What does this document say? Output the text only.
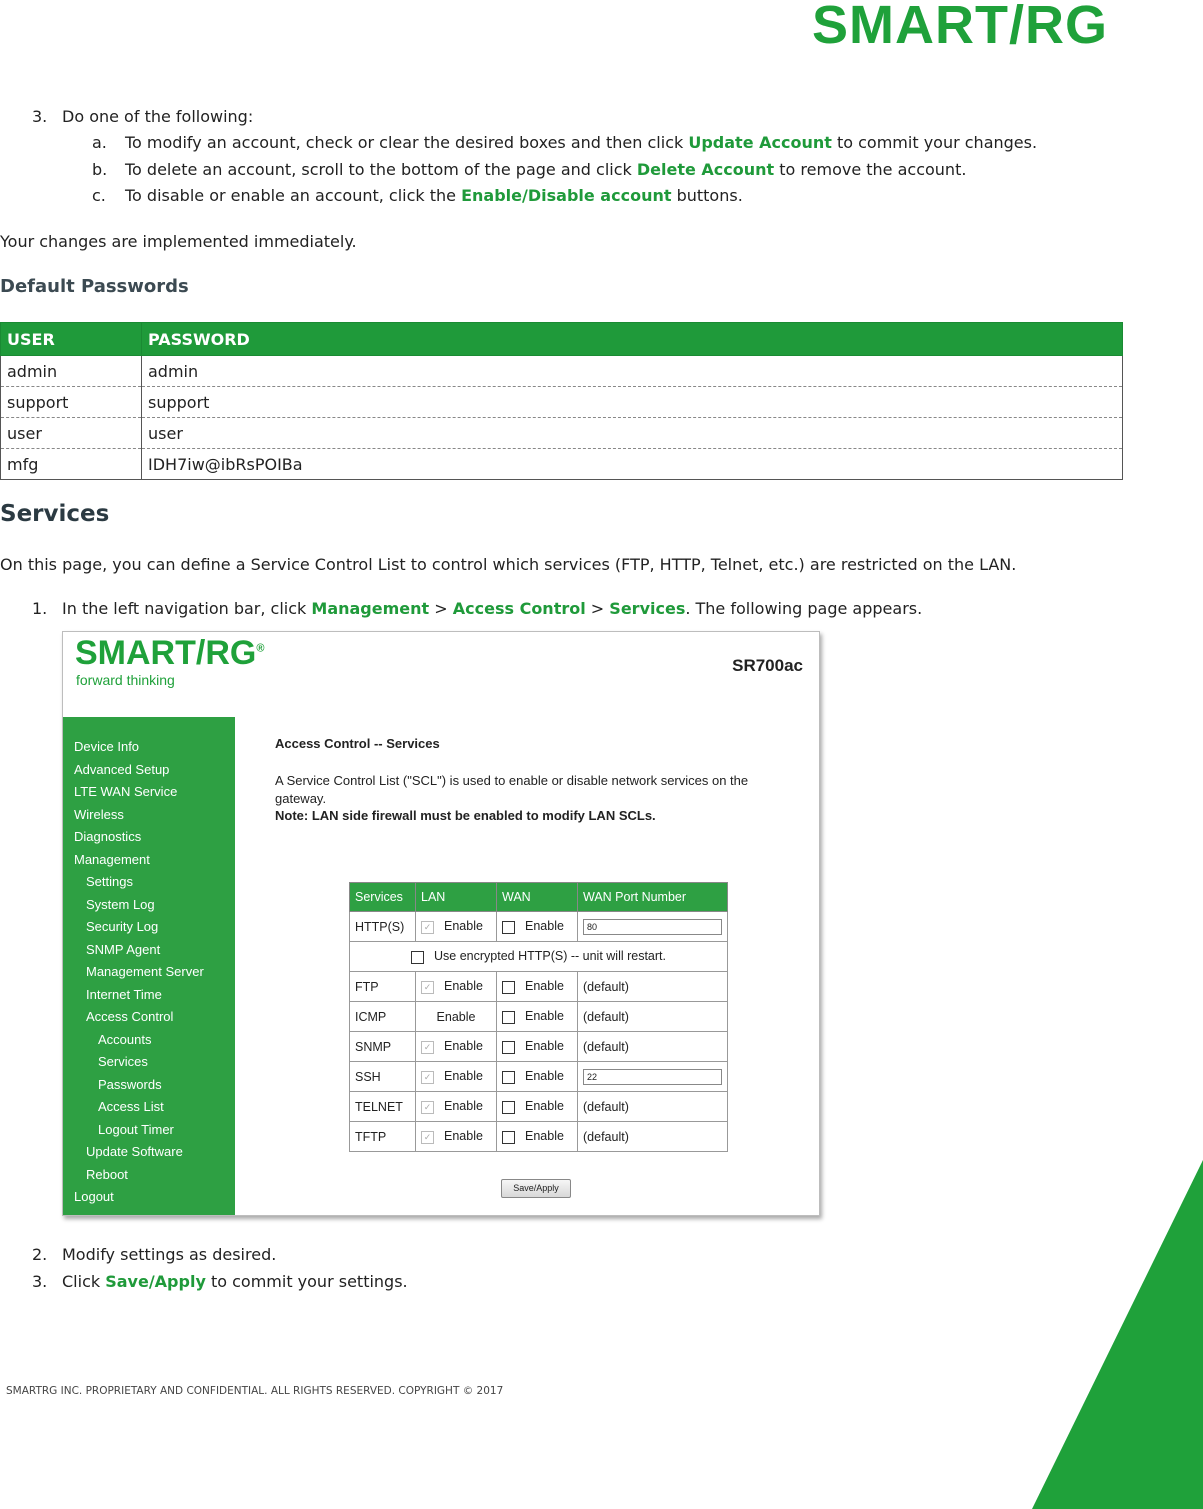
SMART/RG
3. Do one of the following:
a. To modify an account, check or clear the desired boxes and then click Update Account to commit your changes.
b. To delete an account, scroll to the bottom of the page and click Delete Account to remove the account.
c. To disable or enable an account, click the Enable/Disable account buttons.
Your changes are implemented immediately.
Default Passwords
USER	PASSWORD
admin	admin
support	support
user	user
mfg	IDH7iw@ibRsPOIBa
Services
On this page, you can define a Service Control List to control which services (FTP, HTTP, Telnet, etc.) are restricted on the LAN.
1. In the left navigation bar, click Management > Access Control > Services. The following page appears.
SMART/RG®
forward thinking
SR700ac
Device Info
Advanced Setup
LTE WAN Service
Wireless
Diagnostics
Management
Settings
System Log
Security Log
SNMP Agent
Management Server
Internet Time
Access Control
Accounts
Services
Passwords
Access List
Logout Timer
Update Software
Reboot
Logout
Access Control -- Services
A Service Control List ("SCL") is used to enable or disable network services on the gateway.
Note: LAN side firewall must be enabled to modify LAN SCLs.
Services	LAN	WAN	WAN Port Number
HTTP(S)	✓ Enable	Enable	80
Use encrypted HTTP(S) -- unit will restart.			
FTP	✓ Enable	Enable	(default)
ICMP	Enable	Enable	(default)
SNMP	✓ Enable	Enable	(default)
SSH	✓ Enable	Enable	22
TELNET	✓ Enable	Enable	(default)
TFTP	✓ Enable	Enable	(default)
Save/Apply
2. Modify settings as desired.
3. Click Save/Apply to commit your settings.
SMARTRG INC. PROPRIETARY AND CONFIDENTIAL. ALL RIGHTS RESERVED. COPYRIGHT © 2017
